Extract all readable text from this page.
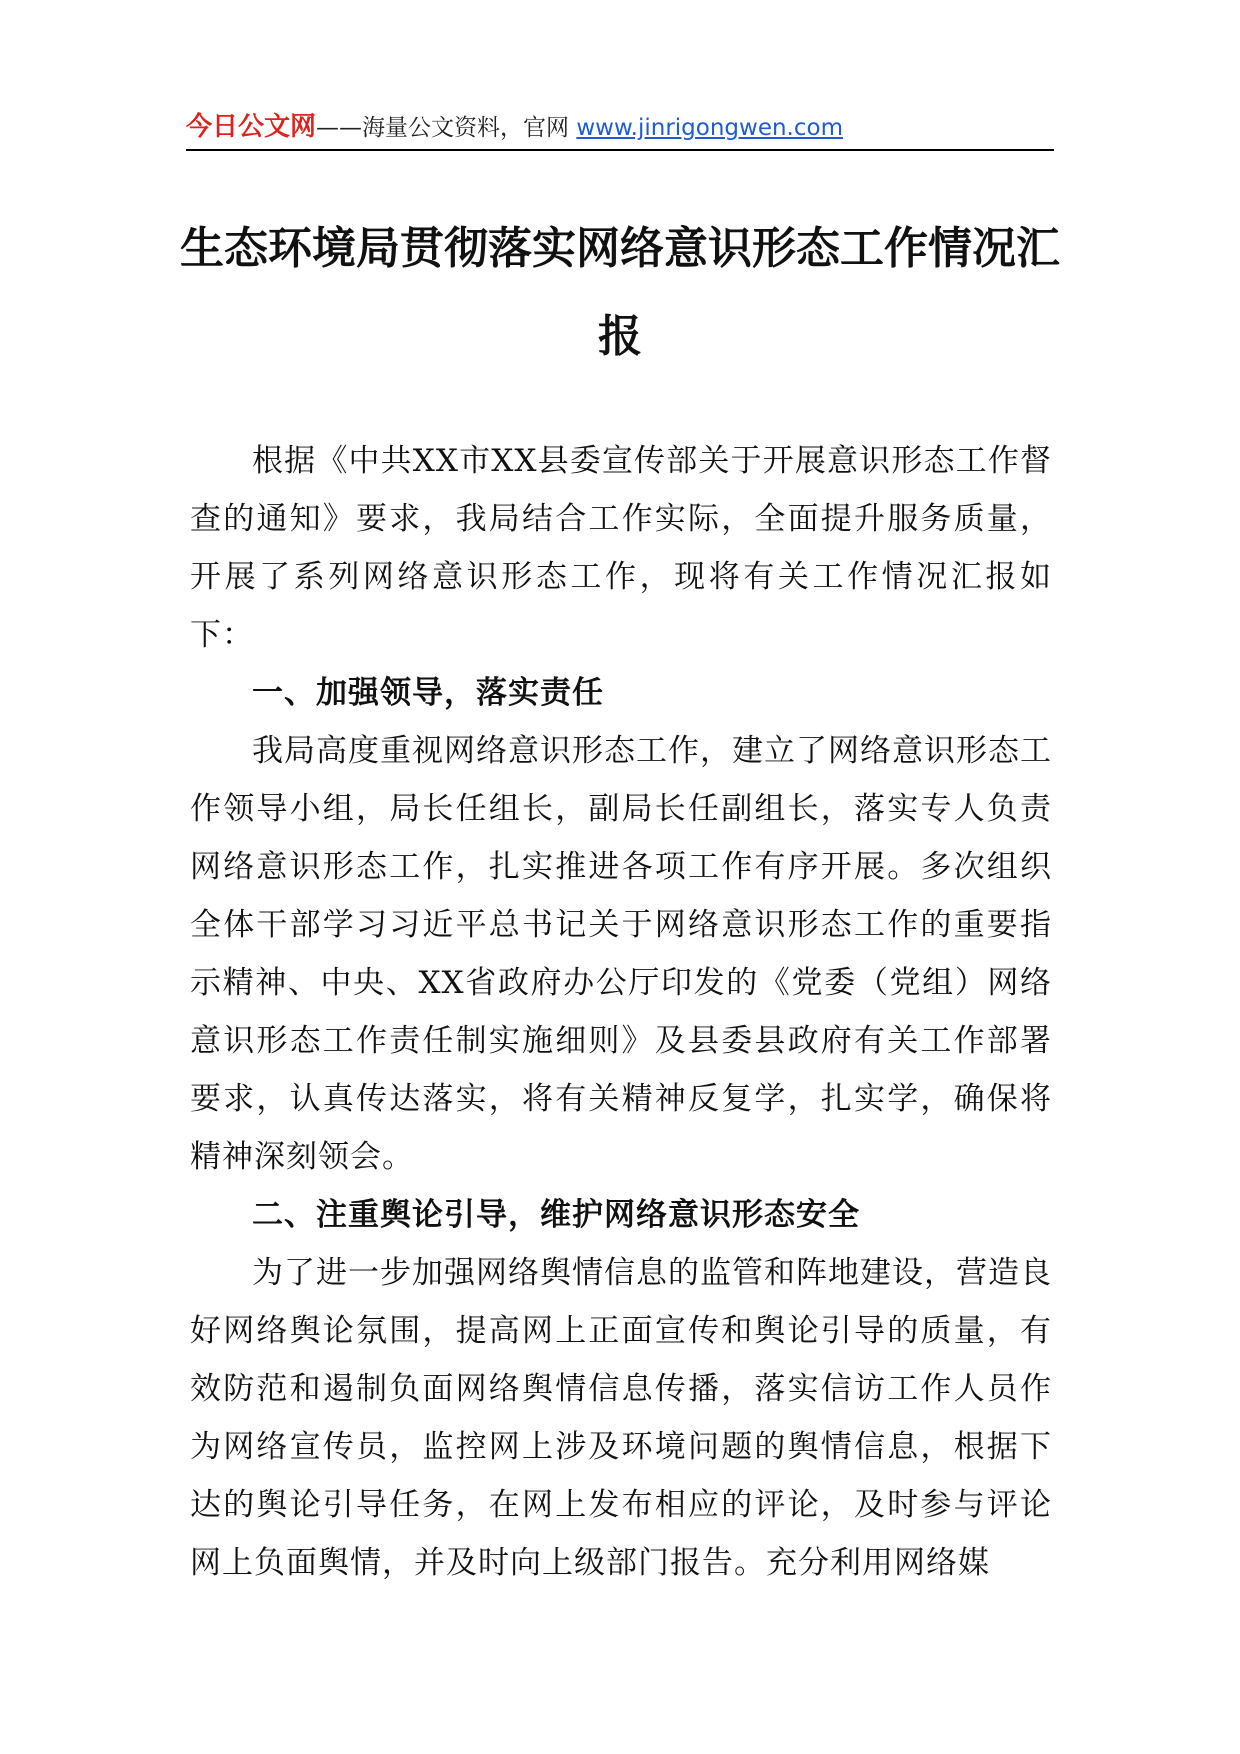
今日公文网——海量公文资料，官网 www.jinrigongwen.com
生态环境局贯彻落实网络意识形态工作情况汇报

根据《中共XX市XX县委宣传部关于开展意识形态工作督查的通知》要求，我局结合工作实际，全面提升服务质量，开展了系列网络意识形态工作，现将有关工作情况汇报如下：

一、加强领导，落实责任

我局高度重视网络意识形态工作，建立了网络意识形态工作领导小组，局长任组长，副局长任副组长，落实专人负责网络意识形态工作，扎实推进各项工作有序开展。多次组织全体干部学习习近平总书记关于网络意识形态工作的重要指示精神、中央、XX省政府办公厅印发的《党委（党组）网络意识形态工作责任制实施细则》及县委县政府有关工作部署要求，认真传达落实，将有关精神反复学，扎实学，确保将精神深刻领会。

二、注重舆论引导，维护网络意识形态安全

为了进一步加强网络舆情信息的监管和阵地建设，营造良好网络舆论氛围，提高网上正面宣传和舆论引导的质量，有效防范和遏制负面网络舆情信息传播，落实信访工作人员作为网络宣传员，监控网上涉及环境问题的舆情信息，根据下达的舆论引导任务，在网上发布相应的评论，及时参与评论网上负面舆情，并及时向上级部门报告。充分利用网络媒
